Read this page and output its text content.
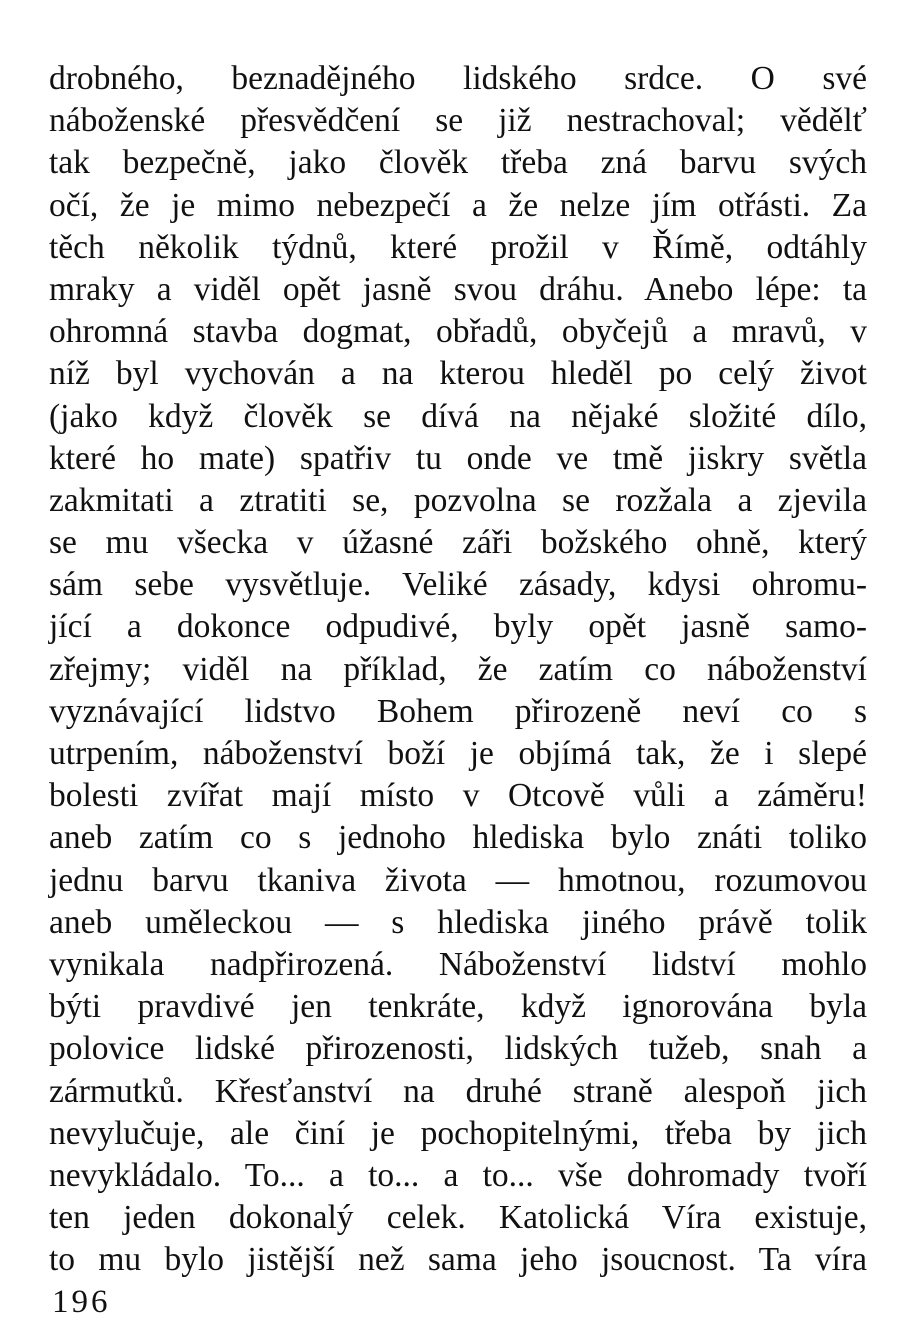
drobného, beznadějného lidského srdce. O své
náboženské přesvědčení se již nestrachoval; vědělť
tak bezpečně, jako člověk třeba zná barvu svých
očí, že je mimo nebezpečí a že nelze jím otřásti. Za
těch několik týdnů, které prožil v Římě, odtáhly
mraky a viděl opět jasně svou dráhu. Anebo lépe: ta
ohromná stavba dogmat, obřadů, obyčejů a mravů, v
níž byl vychován a na kterou hleděl po celý život
(jako když člověk se dívá na nějaké složité dílo,
které ho mate) spatřiv tu onde ve tmě jiskry světla
zakmitati a ztratiti se, pozvolna se rozžala a zjevila
se mu všecka v úžasné záři božského ohně, který
sám sebe vysvětluje. Veliké zásady, kdysi ohromu-
jící a dokonce odpudivé, byly opět jasně samo-
zřejmy; viděl na příklad, že zatím co náboženství
vyznávající lidstvo Bohem přirozeně neví co s
utrpením, náboženství boží je objímá tak, že i slepé
bolesti zvířat mají místo v Otcově vůli a záměru!
aneb zatím co s jednoho hlediska bylo znáti toliko
jednu barvu tkaniva života — hmotnou, rozumovou
aneb uměleckou — s hlediska jiného právě tolik
vynikala nadpřirozená. Náboženství lidství mohlo
býti pravdivé jen tenkráte, když ignorována byla
polovice lidské přirozenosti, lidských tužeb, snah a
zármutků. Křesťanství na druhé straně alespoň jich
nevylučuje, ale činí je pochopitelnými, třeba by jich
nevykládalo. To... a to... a to... vše dohromady tvoří
ten jeden dokonalý celek. Katolická Víra existuje,
to mu bylo jistější než sama jeho jsoucnost. Ta víra
196
